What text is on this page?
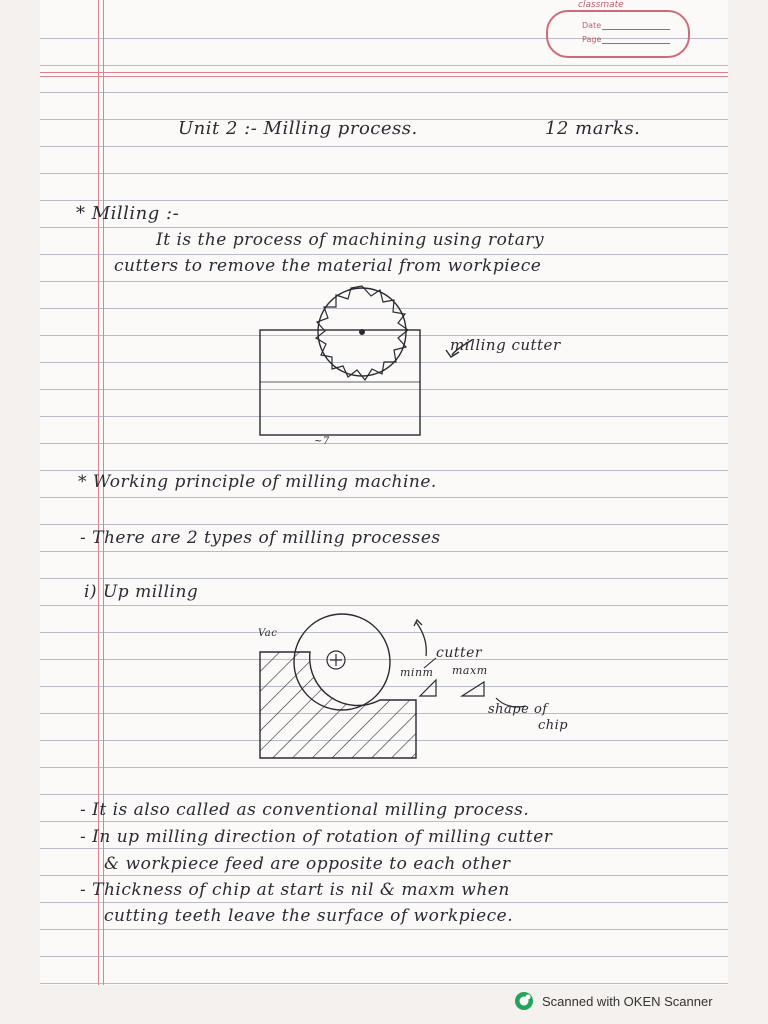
classmate
Date
Page
Unit 2 :- Milling process.	12 marks.
* Milling :-
It is the process of machining using rotary
cutters to remove the material from workpiece
milling cutter
~7
* Working principle of milling machine.
- There are 2 types of milling processes
i) Up milling
Vac
cutter
minm maxm
shape of
chip
- It is also called as conventional milling process.
- In up milling direction of rotation of milling cutter
& workpiece feed are opposite to each other
- Thickness of chip at start is nil & maxm when
cutting teeth leave the surface of workpiece.
Scanned with OKEN Scanner
